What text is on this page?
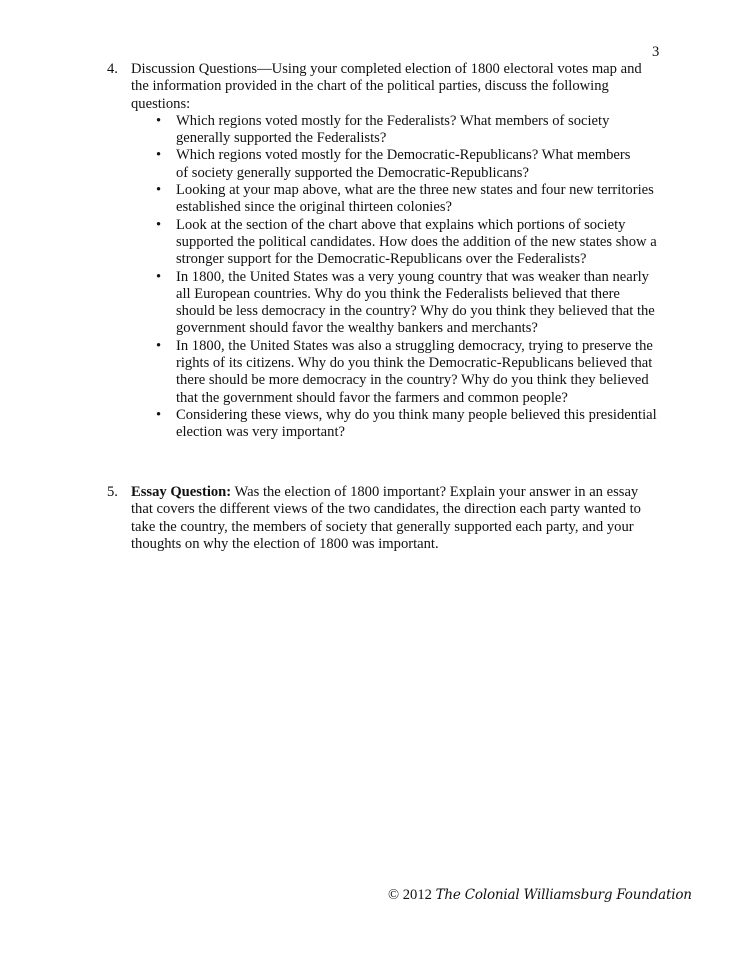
3
4. Discussion Questions—Using your completed election of 1800 electoral votes map and
the information provided in the chart of the political parties, discuss the following
questions:
• Which regions voted mostly for the Federalists? What members of society
generally supported the Federalists?
• Which regions voted mostly for the Democratic-Republicans? What members
of society generally supported the Democratic-Republicans?
• Looking at your map above, what are the three new states and four new territories
established since the original thirteen colonies?
• Look at the section of the chart above that explains which portions of society
supported the political candidates. How does the addition of the new states show a
stronger support for the Democratic-Republicans over the Federalists?
• In 1800, the United States was a very young country that was weaker than nearly
all European countries. Why do you think the Federalists believed that there
should be less democracy in the country? Why do you think they believed that the
government should favor the wealthy bankers and merchants?
• In 1800, the United States was also a struggling democracy, trying to preserve the
rights of its citizens. Why do you think the Democratic-Republicans believed that
there should be more democracy in the country? Why do you think they believed
that the government should favor the farmers and common people?
• Considering these views, why do you think many people believed this presidential
election was very important?
5. Essay Question: Was the election of 1800 important? Explain your answer in an essay
that covers the different views of the two candidates, the direction each party wanted to
take the country, the members of society that generally supported each party, and your
thoughts on why the election of 1800 was important.
© 2012 The Colonial Williamsburg Foundation
